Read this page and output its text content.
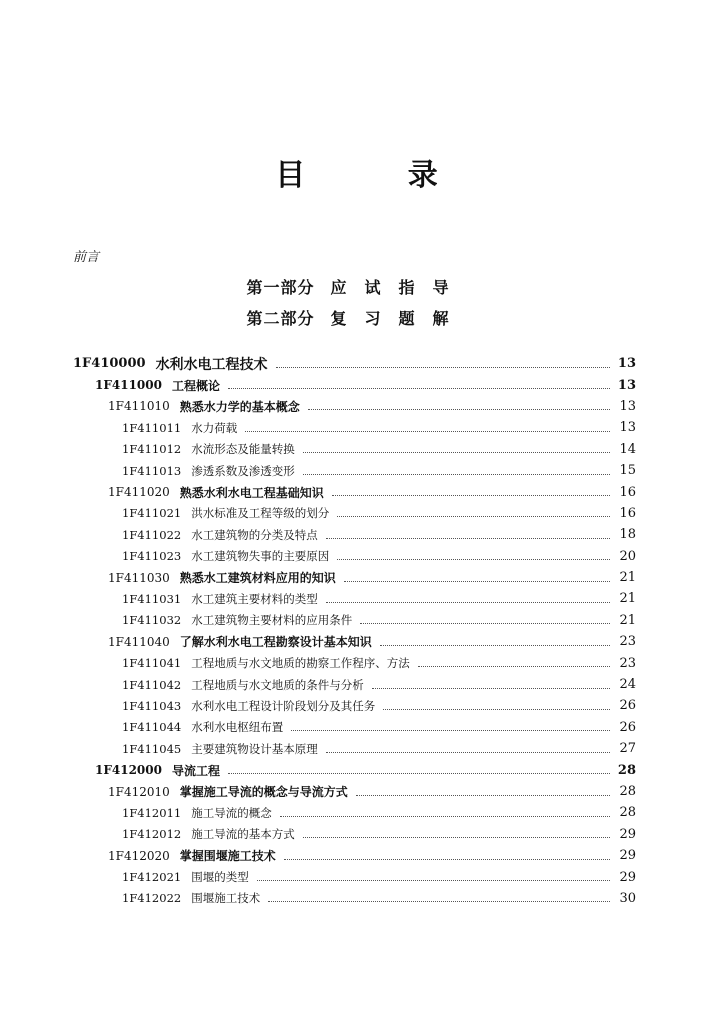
目 录
前言
第一部分 应试指导
第二部分 复习题解
1F410000 水利水电工程技术	13
1F411000 工程概论	13
1F411010 熟悉水力学的基本概念	13
1F411011 水力荷载	13
1F411012 水流形态及能量转换	14
1F411013 渗透系数及渗透变形	15
1F411020 熟悉水利水电工程基础知识	16
1F411021 洪水标准及工程等级的划分	16
1F411022 水工建筑物的分类及特点	18
1F411023 水工建筑物失事的主要原因	20
1F411030 熟悉水工建筑材料应用的知识	21
1F411031 水工建筑主要材料的类型	21
1F411032 水工建筑物主要材料的应用条件	21
1F411040 了解水利水电工程勘察设计基本知识	23
1F411041 工程地质与水文地质的勘察工作程序、方法	23
1F411042 工程地质与水文地质的条件与分析	24
1F411043 水利水电工程设计阶段划分及其任务	26
1F411044 水利水电枢纽布置	26
1F411045 主要建筑物设计基本原理	27
1F412000 导流工程	28
1F412010 掌握施工导流的概念与导流方式	28
1F412011 施工导流的概念	28
1F412012 施工导流的基本方式	29
1F412020 掌握围堰施工技术	29
1F412021 围堰的类型	29
1F412022 围堰施工技术	30
